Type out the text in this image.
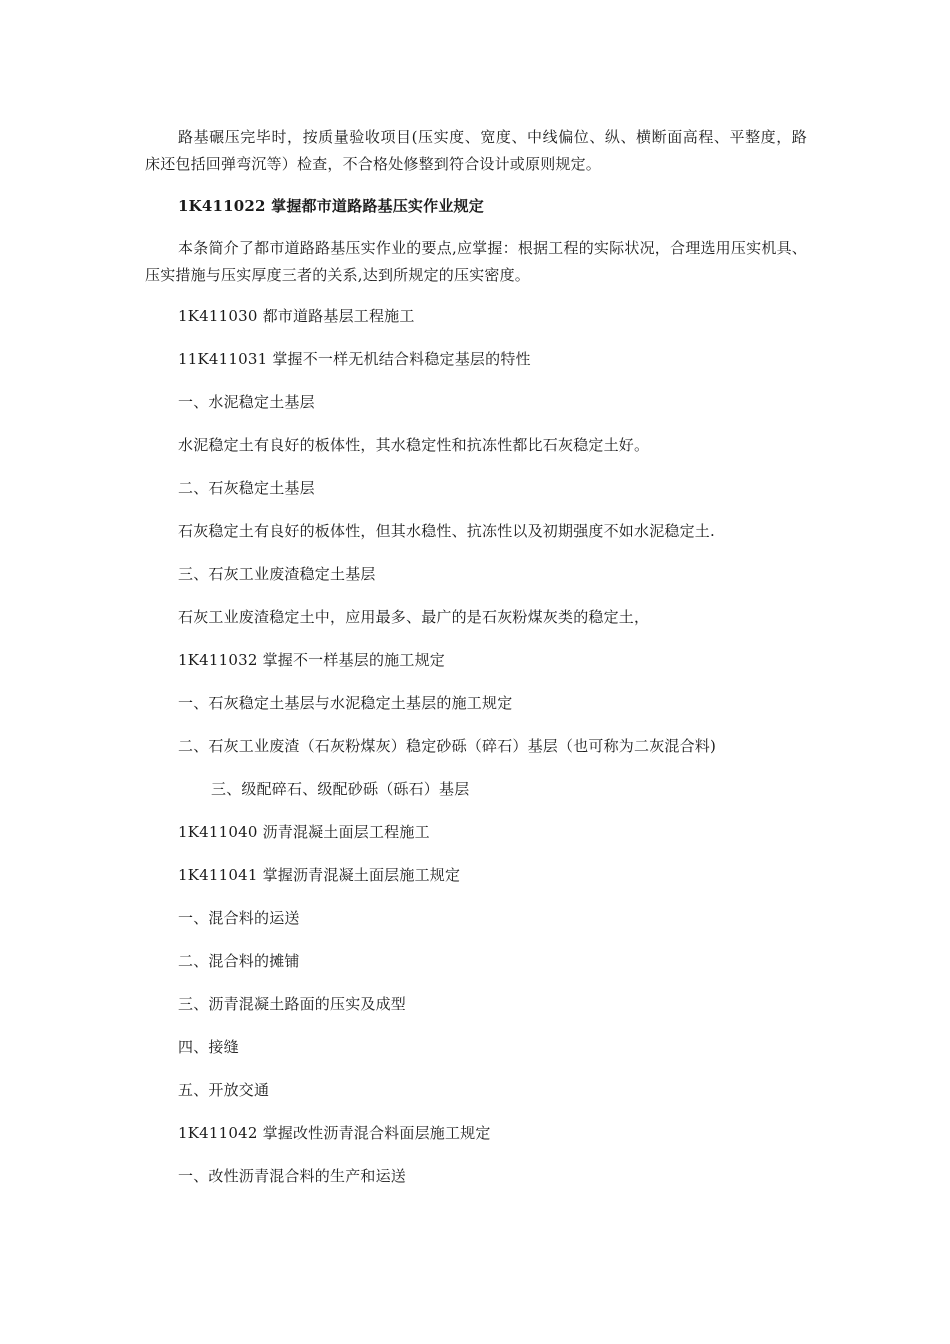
路基碾压完毕时，按质量验收项目(压实度、宽度、中线偏位、纵、横断面高程、平整度，路床还包括回弹弯沉等）检查，不合格处修整到符合设计或原则规定。
1K411022 掌握都市道路路基压实作业规定
本条简介了都市道路路基压实作业的要点,应掌握：根据工程的实际状况，合理选用压实机具、压实措施与压实厚度三者的关系,达到所规定的压实密度。
1K411030 都市道路基层工程施工
11K411031 掌握不一样无机结合料稳定基层的特性
一、水泥稳定土基层
水泥稳定土有良好的板体性，其水稳定性和抗冻性都比石灰稳定土好。
二、石灰稳定土基层
石灰稳定土有良好的板体性，但其水稳性、抗冻性以及初期强度不如水泥稳定土.
三、石灰工业废渣稳定土基层
石灰工业废渣稳定土中，应用最多、最广的是石灰粉煤灰类的稳定土，
1K411032 掌握不一样基层的施工规定
一、石灰稳定土基层与水泥稳定土基层的施工规定
二、石灰工业废渣（石灰粉煤灰）稳定砂砾（碎石）基层（也可称为二灰混合料)
三、级配碎石、级配砂砾（砾石）基层
1K411040 沥青混凝土面层工程施工
1K411041 掌握沥青混凝土面层施工规定
一、混合料的运送
二、混合料的摊铺
三、沥青混凝土路面的压实及成型
四、接缝
五、开放交通
1K411042 掌握改性沥青混合料面层施工规定
一、改性沥青混合料的生产和运送
